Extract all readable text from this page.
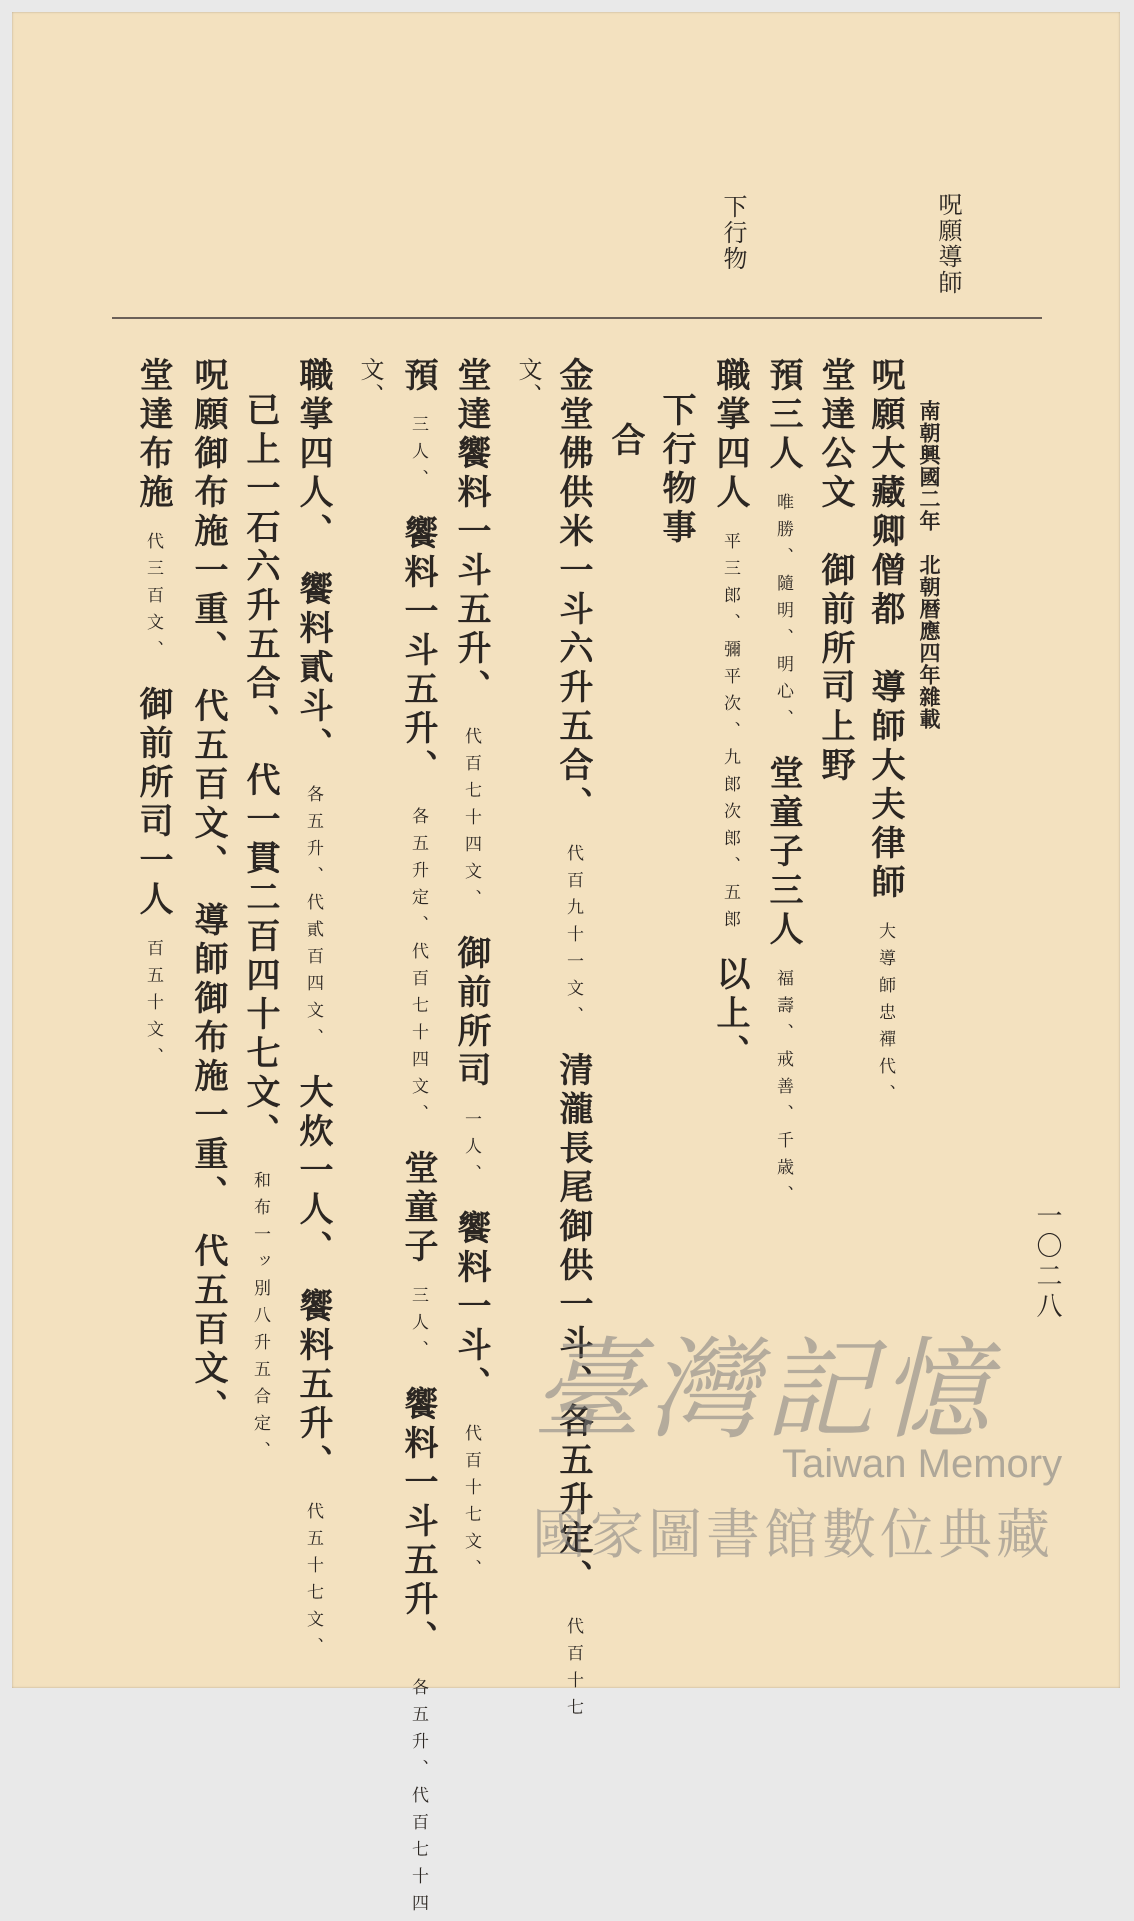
南朝興國二年　北朝暦應四年雜載
呪願導師
下行物
呪願大藏卿僧都　導師大夫律師 大導師忠禪代、
堂達公文　御前所司上野
預三人 唯勝、隨明、明心、 堂童子三人 福壽、戒善、千歳、
職掌四人 平三郎、彌平次、九郎次郎、五郎 以上、
下行物事
合
金堂佛供米一斗六升五合、 代百九十一文、 清瀧長尾御供一斗、各五升定、 代百十七
文、
堂達饗料一斗五升、 代百七十四文、 御前所司 一人、 饗料一斗、 代百十七文、
預 三人、 饗料一斗五升、 各五升定、代百七十四文、 堂童子 三人、 饗料一斗五升、 各五升、代百七十四
文、
職掌四人、 饗料貳斗、 各五升、代貳百四文、 大炊一人、 饗料五升、 代五十七文、
已上一石六升五合、 代一貫二百四十七文、 和布一ッ別八升五合定、
呪願御布施一重、 代五百文、 導師御布施一重、 代五百文、
堂達布施 代三百文、 御前所司一人 百五十文、
一〇二八
臺灣記憶
Taiwan Memory
國家圖書館數位典藏
